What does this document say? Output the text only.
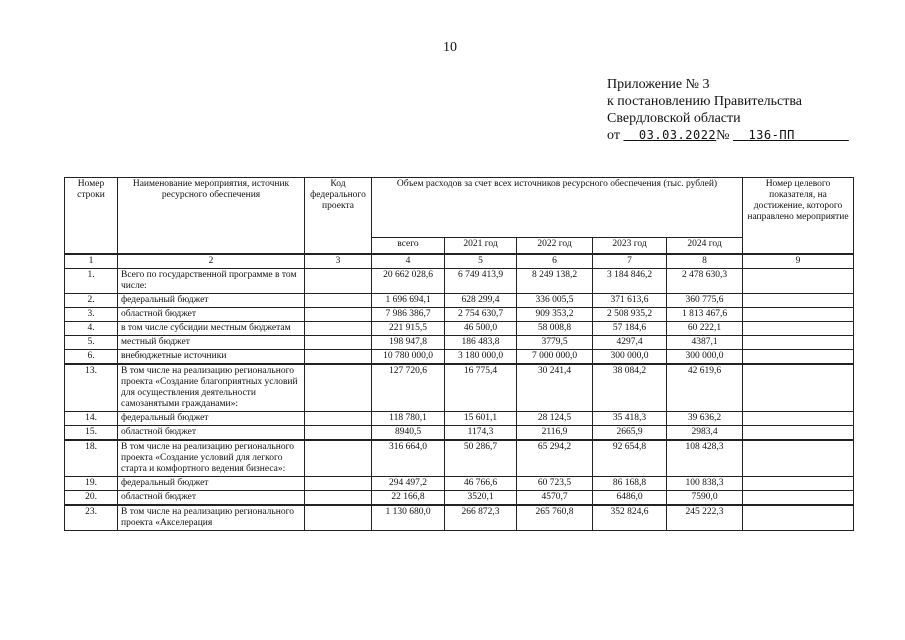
10
Приложение № 3
к постановлению Правительства
Свердловской области
от 03.03.2022№ 136-ПП
Номер строки	Наименование мероприятия, источник ресурсного обеспечения	Код федерального проекта	Объем расходов за счет всех источников ресурсного обеспечения (тыс. рублей)					Номер целевого показателя, на достижение, которого направлено мероприятие
			всего	2021 год	2022 год	2023 год	2024 год	
1	2	3	4	5	6	7	8	9
1.	Всего по государственной программе в том числе:		20 662 028,6	6 749 413,9	8 249 138,2	3 184 846,2	2 478 630,3	
2.	федеральный бюджет		1 696 694,1	628 299,4	336 005,5	371 613,6	360 775,6	
3.	областной бюджет		7 986 386,7	2 754 630,7	909 353,2	2 508 935,2	1 813 467,6	
4.	в том числе субсидии местным бюджетам		221 915,5	46 500,0	58 008,8	57 184,6	60 222,1	
5.	местный бюджет		198 947,8	186 483,8	3779,5	4297,4	4387,1	
6.	внебюджетные источники		10 780 000,0	3 180 000,0	7 000 000,0	300 000,0	300 000,0	
13.	В том числе на реализацию регионального проекта «Создание благоприятных условий для осуществления деятельности самозанятыми гражданами»:		127 720,6	16 775,4	30 241,4	38 084,2	42 619,6	
14.	федеральный бюджет		118 780,1	15 601,1	28 124,5	35 418,3	39 636,2	
15.	областной бюджет		8940,5	1174,3	2116,9	2665,9	2983,4	
18.	В том числе на реализацию регионального проекта «Создание условий для легкого старта и комфортного ведения бизнеса»:		316 664,0	50 286,7	65 294,2	92 654,8	108 428,3	
19.	федеральный бюджет		294 497,2	46 766,6	60 723,5	86 168,8	100 838,3	
20.	областной бюджет		22 166,8	3520,1	4570,7	6486,0	7590,0	
23.	В том числе на реализацию регионального проекта «Акселерация		1 130 680,0	266 872,3	265 760,8	352 824,6	245 222,3	
